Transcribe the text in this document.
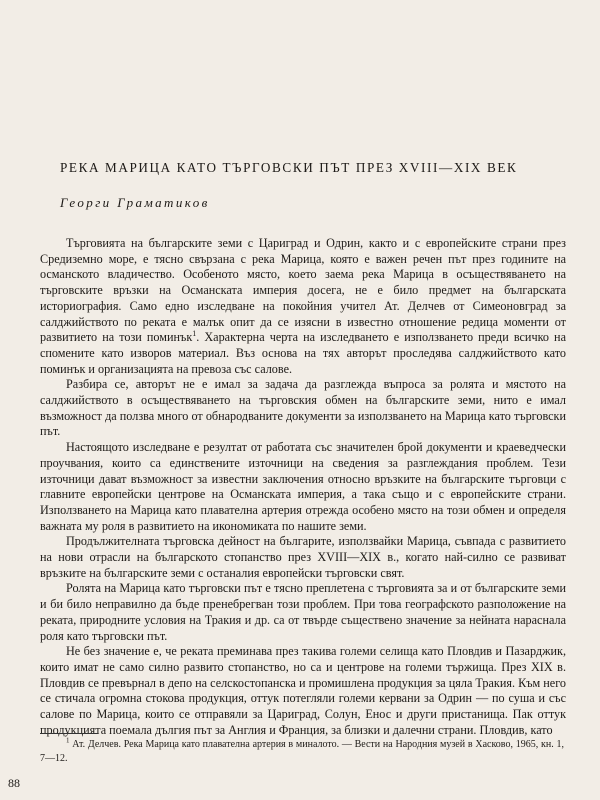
РЕКА МАРИЦА КАТО ТЪРГОВСКИ ПЪТ ПРЕЗ XVIII—XIX ВЕК
Георги Граматиков

Търговията на българските земи с Цариград и Одрин, както и с европейските страни през Средиземно море, е тясно свързана с река Марица, която е важен речен път през годините на османското владичество. Особеното място, което заема река Марица в осъществяването на търговските връзки на Османската империя досега, не е било предмет на българската историография. Само едно изследване на покойния учител Ат. Делчев от Симеоновград за салджийството по реката е малък опит да се изясни в известно отношение редица моменти от развитието на този поминък$^1$. Характерна черта на изследването е използването преди всичко на спомените като изворов материал. Въз основа на тях авторът проследява салджийството като поминък и организацията на превоза със салове.

Разбира се, авторът не е имал за задача да разглежда въпроса за ролята и мястото на салджийството в осъществяването на търговския обмен на българските земи, нито е имал възможност да ползва много от обнародваните документи за използването на Марица като търговски път.

Настоящото изследване е резултат от работата със значителен брой документи и краеведчески проучвания, които са единствените източници на сведения за разглеждания проблем. Тези източници дават възможност за известни заключения относно връзките на българските търговци с главните европейски центрове на Османската империя, а така също и с европейските страни. Използването на Марица като плавателна артерия отрежда особено място на този обмен и определя важната му роля в развитието на икономиката по нашите земи.

Продължителната търговска дейност на българите, използвайки Марица, съвпада с развитието на нови отрасли на българското стопанство през XVIII—XIX в., когато най-силно се развиват връзките на българските земи с останалия европейски търговски свят.

Ролята на Марица като търговски път е тясно преплетена с търговията за и от българските земи и би било неправилно да бъде пренебрегван този проблем. При това географското разположение на реката, природните условия на Тракия и др. са от твърде съществено значение за нейната нараснала роля като търговски път.

Не без значение е, че реката преминава през такива големи селища като Пловдив и Пазарджик, които имат не само силно развито стопанство, но са и центрове на големи тържища. През XIX в. Пловдив се превърнал в депо на селскостопанска и промишлена продукция за цяла Тракия. Към него се стичала огромна стокова продукция, оттук потегляли големи кервани за Одрин — по суша и със салове по Марица, които се отправяли за Цариград, Солун, Енос и други пристанища. Пак оттук продукцията поемала дългия път за Англия и Франция, за близки и далечни страни. Пловдив, като

$^1$ Ат. Делчев. Река Марица като плавателна артерия в миналото. — Вести на Народния музей в Хасково, 1965, кн. 1, 7—12.
88
